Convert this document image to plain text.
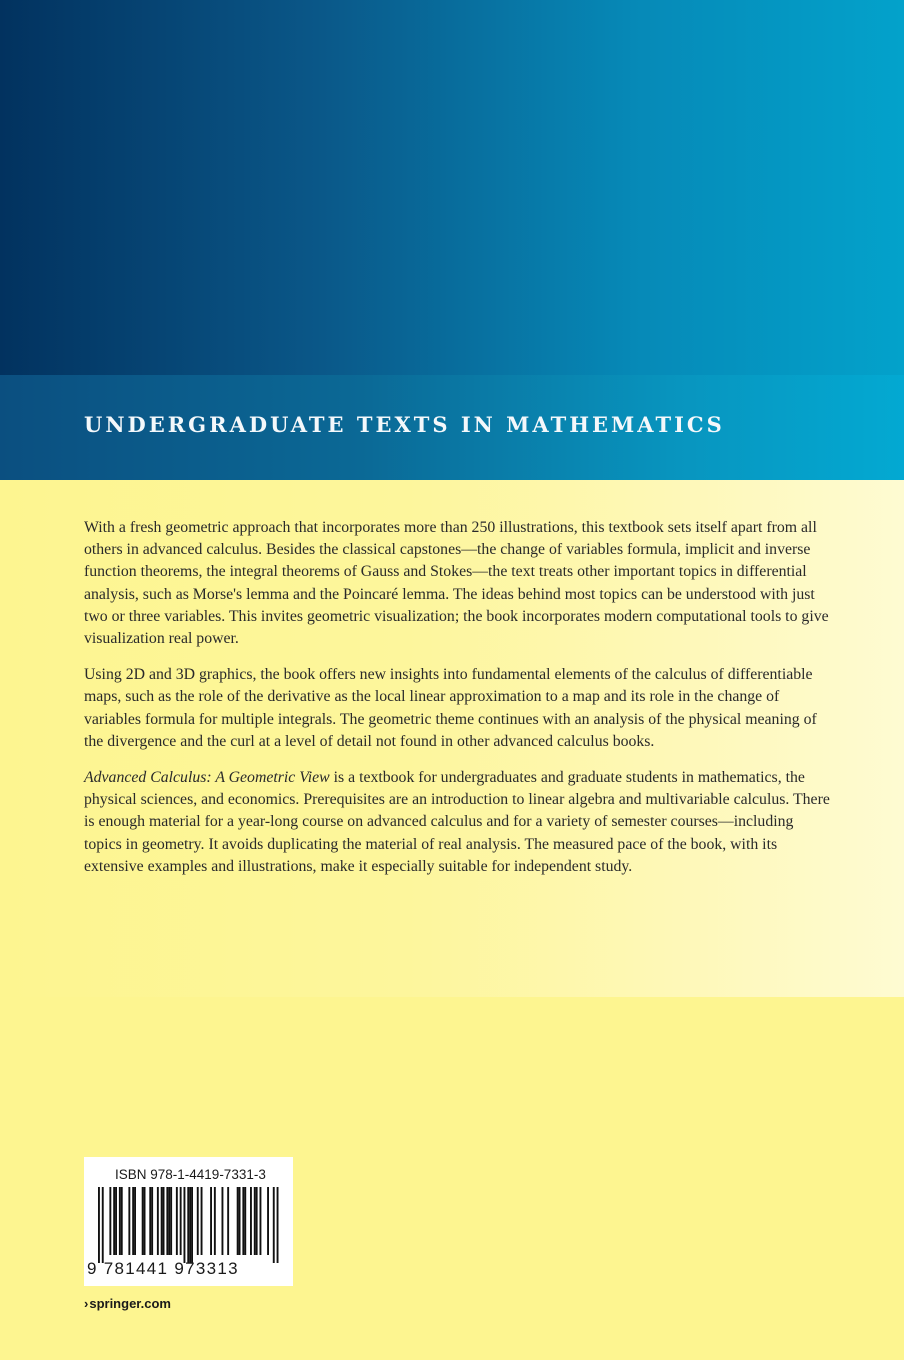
UNDERGRADUATE TEXTS IN MATHEMATICS

With a fresh geometric approach that incorporates more than 250 illustrations, this textbook sets itself apart from all others in advanced calculus. Besides the classical capstones—the change of variables formula, implicit and inverse function theorems, the integral theorems of Gauss and Stokes—the text treats other important topics in differential analysis, such as Morse's lemma and the Poincaré lemma. The ideas behind most topics can be understood with just two or three variables. This invites geometric visualization; the book incorporates modern computational tools to give visualization real power.

Using 2D and 3D graphics, the book offers new insights into fundamental elements of the calculus of differentiable maps, such as the role of the derivative as the local linear approximation to a map and its role in the change of variables formula for multiple integrals. The geometric theme continues with an analysis of the physical meaning of the divergence and the curl at a level of detail not found in other advanced calculus books.

Advanced Calculus: A Geometric View is a textbook for undergraduates and graduate students in mathematics, the physical sciences, and economics. Prerequisites are an introduction to linear algebra and multivariable calculus. There is enough material for a year-long course on advanced calculus and for a variety of semester courses—including topics in geometry. It avoids duplicating the material of real analysis. The measured pace of the book, with its extensive examples and illustrations, make it especially suitable for independent study.

ISBN 978-1-4419-7331-3
9 781441 973313
›springer.com
